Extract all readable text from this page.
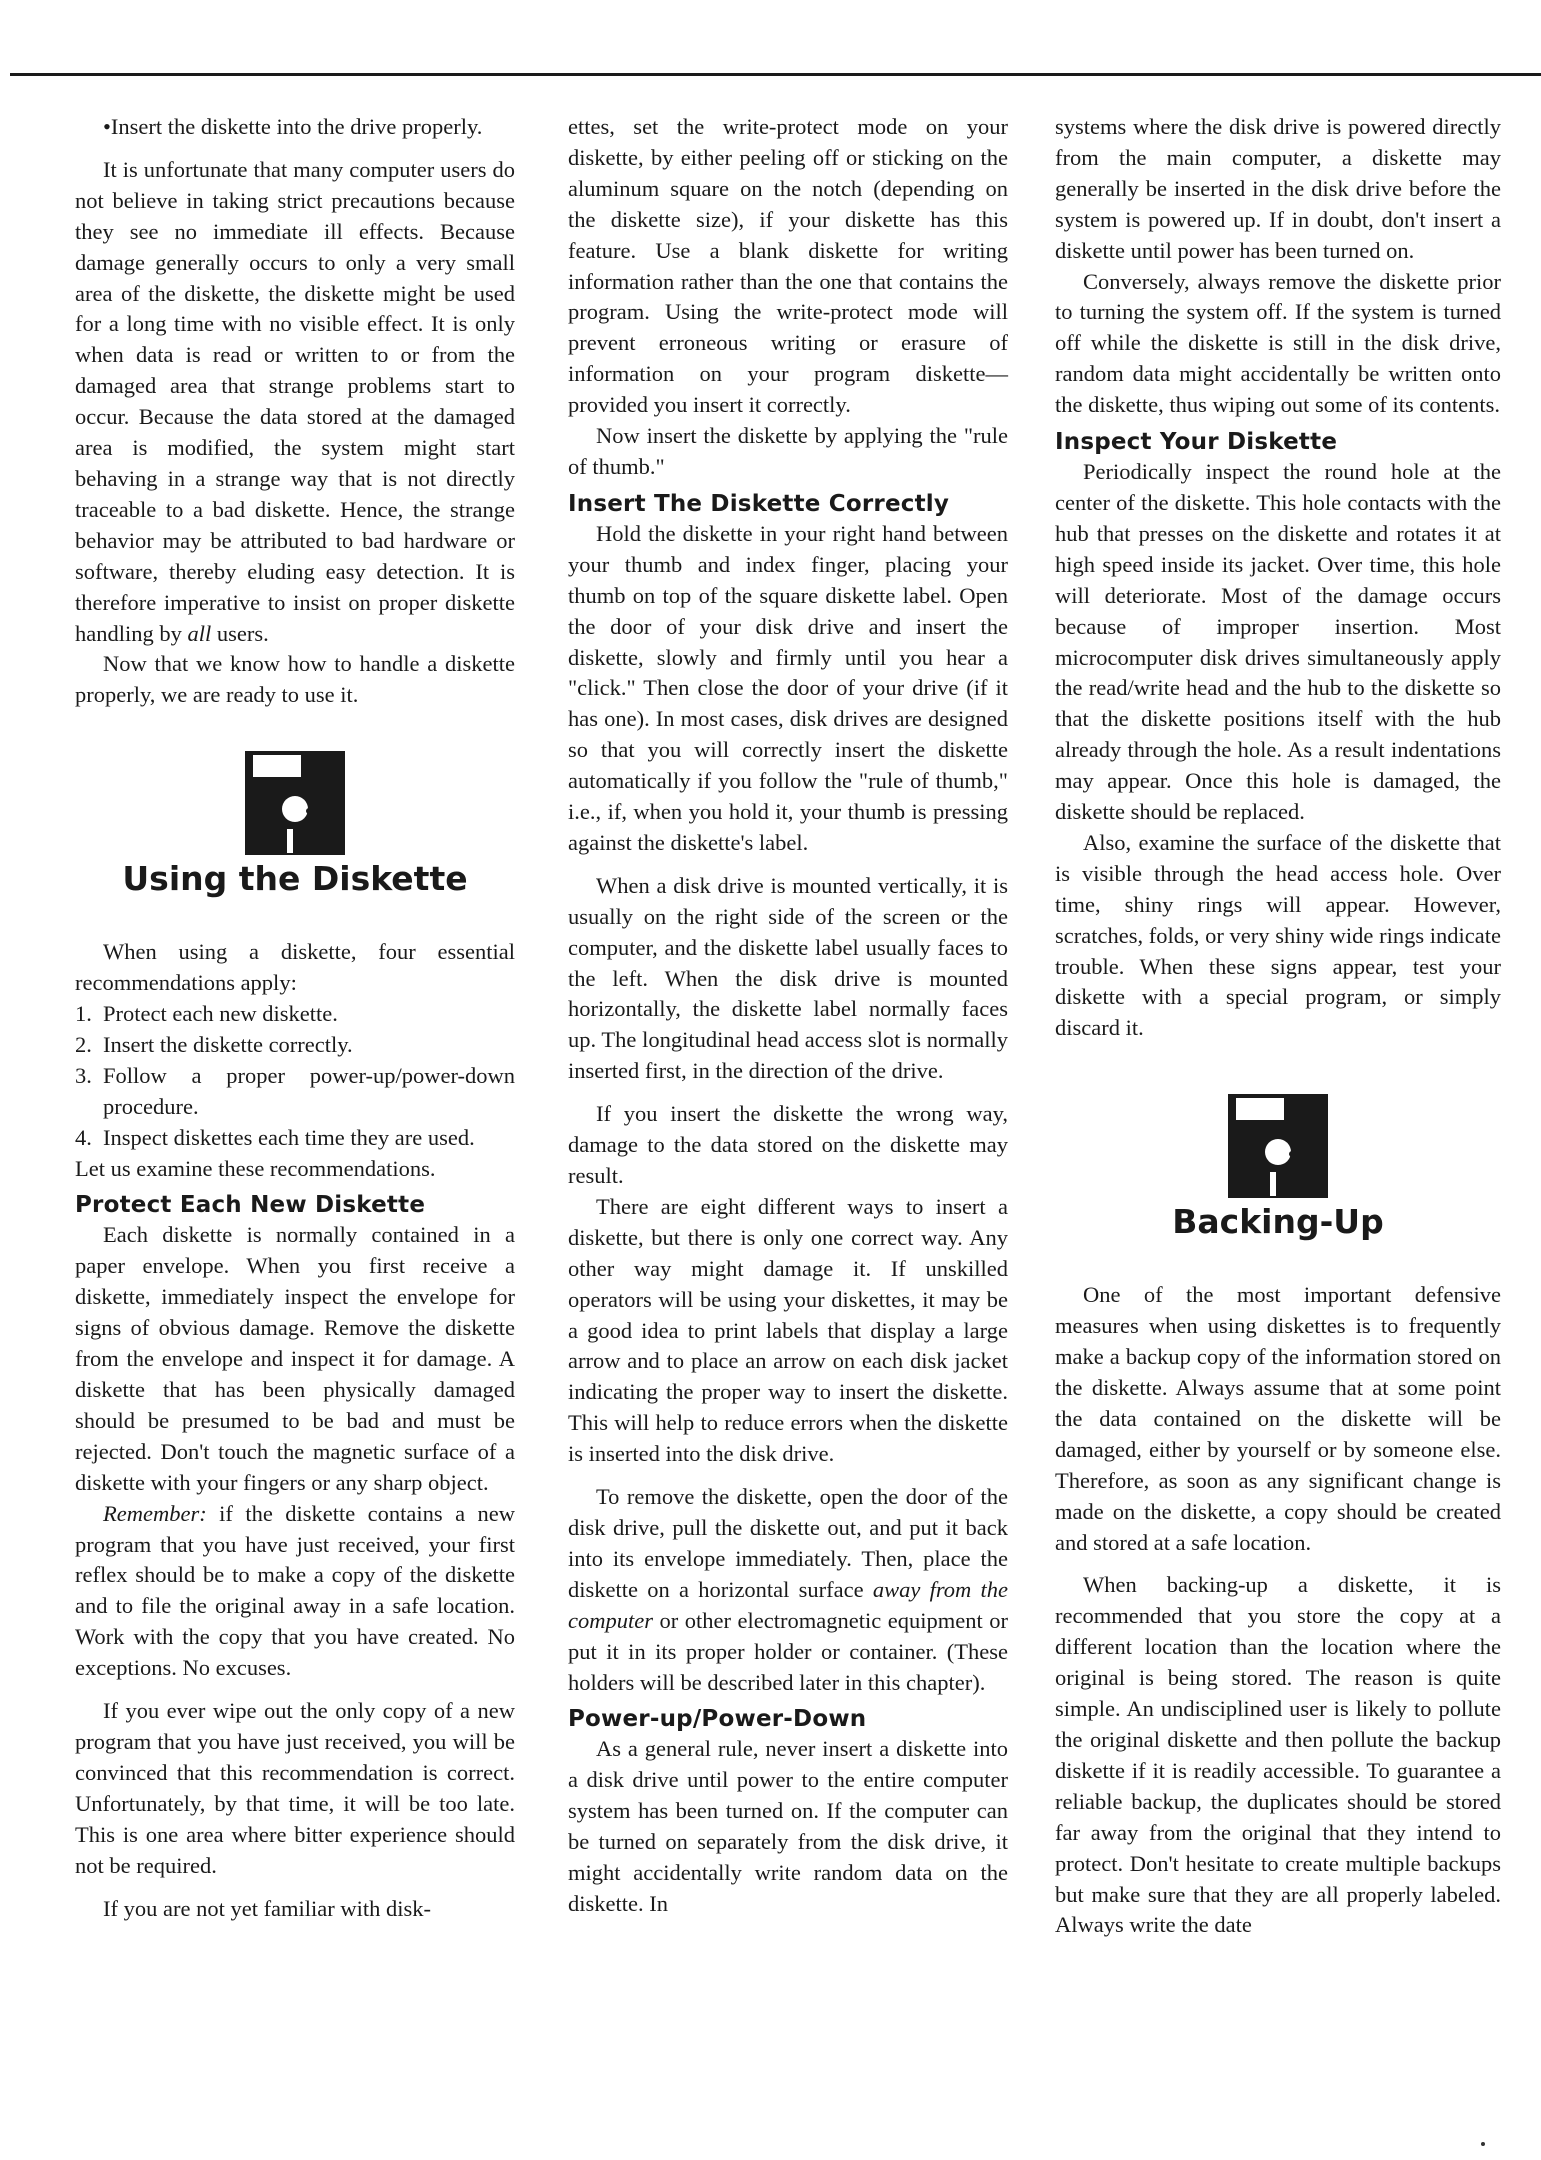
•Insert the diskette into the drive properly.

It is unfortunate that many computer users do not believe in taking strict precautions because they see no immediate ill effects. Because damage generally occurs to only a very small area of the diskette, the diskette might be used for a long time with no visible effect. It is only when data is read or written to or from the damaged area that strange problems start to occur. Because the data stored at the damaged area is modified, the system might start behaving in a strange way that is not directly traceable to a bad diskette. Hence, the strange behavior may be attributed to bad hardware or software, thereby eluding easy detection. It is therefore imperative to insist on proper diskette handling by all users.

Now that we know how to handle a diskette properly, we are ready to use it.

Using the Diskette

When using a diskette, four essential recommendations apply:

1. Protect each new diskette.
2. Insert the diskette correctly.
3. Follow a proper power-up/power-down procedure.
4. Inspect diskettes each time they are used.

Let us examine these recommendations.

Protect Each New Diskette

Each diskette is normally contained in a paper envelope. When you first receive a diskette, immediately inspect the envelope for signs of obvious damage. Remove the diskette from the envelope and inspect it for damage. A diskette that has been physically damaged should be presumed to be bad and must be rejected. Don't touch the magnetic surface of a diskette with your fingers or any sharp object.

Remember: if the diskette contains a new program that you have just received, your first reflex should be to make a copy of the diskette and to file the original away in a safe location. Work with the copy that you have created. No exceptions. No excuses.

If you ever wipe out the only copy of a new program that you have just received, you will be convinced that this recommendation is correct. Unfortunately, by that time, it will be too late. This is one area where bitter experience should not be required.

If you are not yet familiar with disk-

ettes, set the write-protect mode on your diskette, by either peeling off or sticking on the aluminum square on the notch (depending on the diskette size), if your diskette has this feature. Use a blank diskette for writing information rather than the one that contains the program. Using the write-protect mode will prevent erroneous writing or erasure of information on your program diskette—provided you insert it correctly.

Now insert the diskette by applying the "rule of thumb."

Insert The Diskette Correctly

Hold the diskette in your right hand between your thumb and index finger, placing your thumb on top of the square diskette label. Open the door of your disk drive and insert the diskette, slowly and firmly until you hear a "click." Then close the door of your drive (if it has one). In most cases, disk drives are designed so that you will correctly insert the diskette automatically if you follow the "rule of thumb," i.e., if, when you hold it, your thumb is pressing against the diskette's label.

When a disk drive is mounted vertically, it is usually on the right side of the screen or the computer, and the diskette label usually faces to the left. When the disk drive is mounted horizontally, the diskette label normally faces up. The longitudinal head access slot is normally inserted first, in the direction of the drive.

If you insert the diskette the wrong way, damage to the data stored on the diskette may result.

There are eight different ways to insert a diskette, but there is only one correct way. Any other way might damage it. If unskilled operators will be using your diskettes, it may be a good idea to print labels that display a large arrow and to place an arrow on each disk jacket indicating the proper way to insert the diskette. This will help to reduce errors when the diskette is inserted into the disk drive.

To remove the diskette, open the door of the disk drive, pull the diskette out, and put it back into its envelope immediately. Then, place the diskette on a horizontal surface away from the computer or other electromagnetic equipment or put it in its proper holder or container. (These holders will be described later in this chapter).

Power-up/Power-Down

As a general rule, never insert a diskette into a disk drive until power to the entire computer system has been turned on. If the computer can be turned on separately from the disk drive, it might accidentally write random data on the diskette. In

systems where the disk drive is powered directly from the main computer, a diskette may generally be inserted in the disk drive before the system is powered up. If in doubt, don't insert a diskette until power has been turned on.

Conversely, always remove the diskette prior to turning the system off. If the system is turned off while the diskette is still in the disk drive, random data might accidentally be written onto the diskette, thus wiping out some of its contents.

Inspect Your Diskette

Periodically inspect the round hole at the center of the diskette. This hole contacts with the hub that presses on the diskette and rotates it at high speed inside its jacket. Over time, this hole will deteriorate. Most of the damage occurs because of improper insertion. Most microcomputer disk drives simultaneously apply the read/write head and the hub to the diskette so that the diskette positions itself with the hub already through the hole. As a result indentations may appear. Once this hole is damaged, the diskette should be replaced.

Also, examine the surface of the diskette that is visible through the head access hole. Over time, shiny rings will appear. However, scratches, folds, or very shiny wide rings indicate trouble. When these signs appear, test your diskette with a special program, or simply discard it.

Backing-Up

One of the most important defensive measures when using diskettes is to frequently make a backup copy of the information stored on the diskette. Always assume that at some point the data contained on the diskette will be damaged, either by yourself or by someone else. Therefore, as soon as any significant change is made on the diskette, a copy should be created and stored at a safe location.

When backing-up a diskette, it is recommended that you store the copy at a different location than the location where the original is being stored. The reason is quite simple. An undisciplined user is likely to pollute the original diskette and then pollute the backup diskette if it is readily accessible. To guarantee a reliable backup, the duplicates should be stored far away from the original that they intend to protect. Don't hesitate to create multiple backups but make sure that they are all properly labeled. Always write the date
